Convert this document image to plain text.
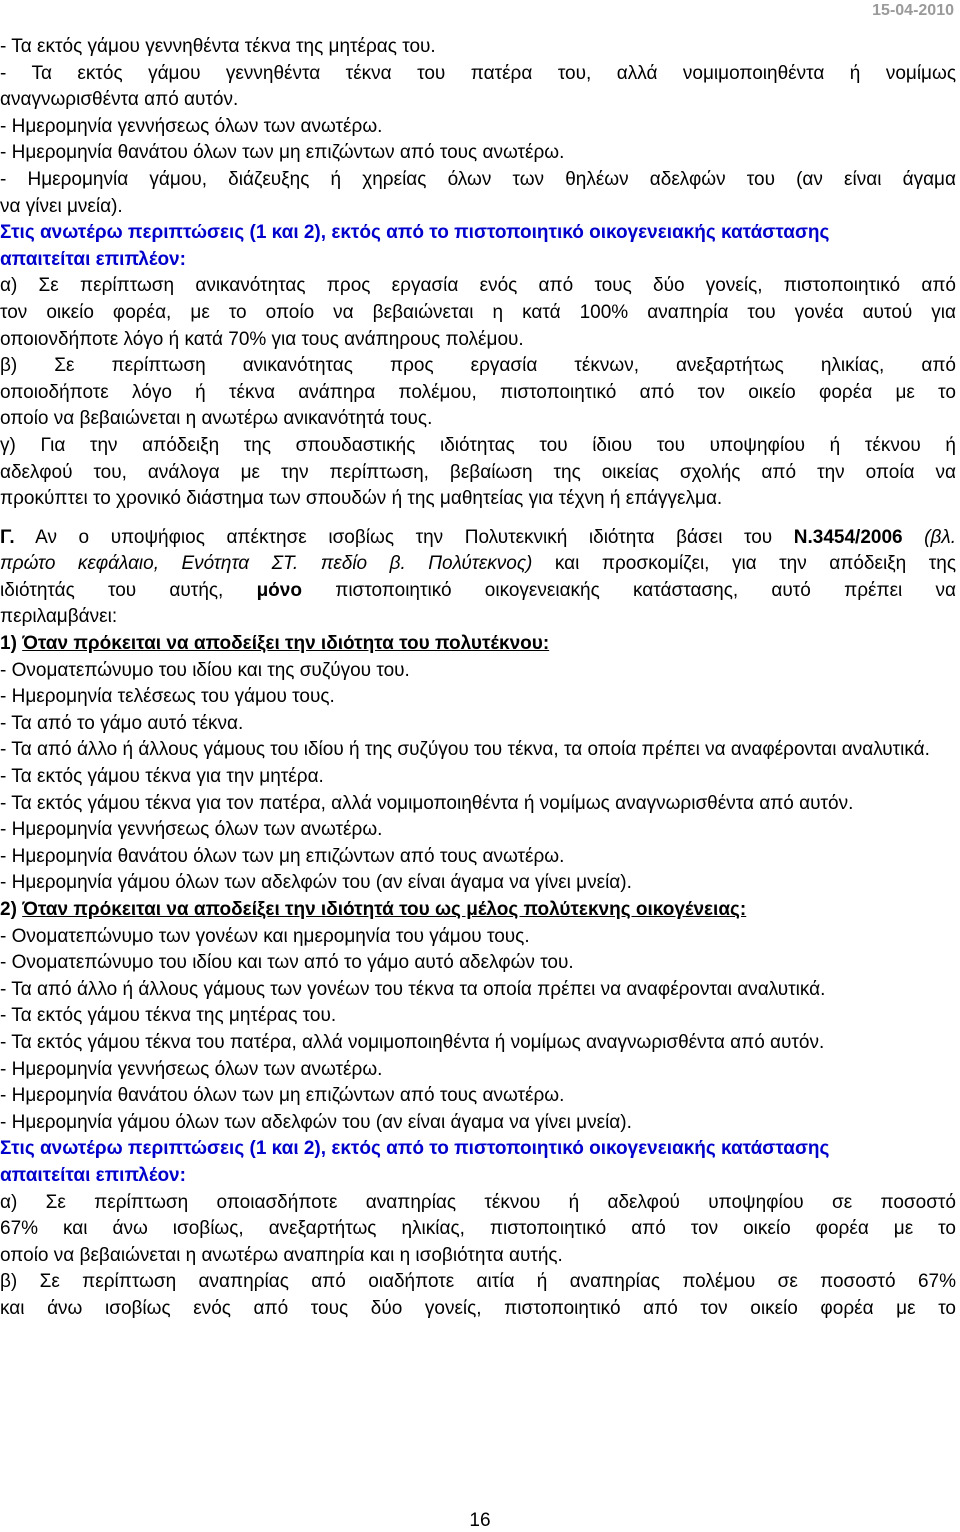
15-04-2010
- Τα εκτός γάμου γεννηθέντα τέκνα της μητέρας του.
- Τα εκτός γάμου γεννηθέντα τέκνα του πατέρα του, αλλά νομιμοποιηθέντα ή νομίμως
αναγνωρισθέντα από αυτόν.
- Ημερομηνία γεννήσεως όλων των ανωτέρω.
- Ημερομηνία θανάτου όλων των μη επιζώντων από τους ανωτέρω.
- Ημερομηνία γάμου, διάζευξης ή χηρείας όλων των θηλέων αδελφών του (αν είναι άγαμα
να γίνει μνεία).
Στις ανωτέρω περιπτώσεις (1 και 2), εκτός από το πιστοποιητικό οικογενειακής κατάστασης
απαιτείται επιπλέον:
α) Σε περίπτωση ανικανότητας προς εργασία ενός από τους δύο γονείς, πιστοποιητικό από
τον οικείο φορέα, με το οποίο να βεβαιώνεται η κατά 100% αναπηρία του γονέα αυτού για
οποιονδήποτε λόγο ή κατά 70% για τους ανάπηρους πολέμου.
β) Σε περίπτωση ανικανότητας προς εργασία τέκνων, ανεξαρτήτως ηλικίας, από
οποιοδήποτε λόγο ή τέκνα ανάπηρα πολέμου, πιστοποιητικό από τον οικείο φορέα με το
οποίο να βεβαιώνεται η ανωτέρω ανικανότητά τους.
γ) Για την απόδειξη της σπουδαστικής ιδιότητας του ίδιου του υποψηφίου ή τέκνου ή
αδελφού του, ανάλογα με την περίπτωση, βεβαίωση της οικείας σχολής από την οποία να
προκύπτει το χρονικό διάστημα των σπουδών ή της μαθητείας για τέχνη ή επάγγελμα.
Γ. Αν ο υποψήφιος απέκτησε ισοβίως την Πολυτεκνική ιδιότητα βάσει του Ν.3454/2006 (βλ.
πρώτο κεφάλαιο, Ενότητα ΣΤ. πεδίο β. Πολύτεκνος) και προσκομίζει, για την απόδειξη της
ιδιότητάς του αυτής, μόνο πιστοποιητικό οικογενειακής κατάστασης, αυτό πρέπει να
περιλαμβάνει:
1) Όταν πρόκειται να αποδείξει την ιδιότητα του πολυτέκνου:
- Ονοματεπώνυμο του ιδίου και της συζύγου του.
- Ημερομηνία τελέσεως του γάμου τους.
- Τα από το γάμο αυτό τέκνα.
- Τα από άλλο ή άλλους γάμους του ιδίου ή της συζύγου του τέκνα, τα οποία πρέπει να αναφέρονται αναλυτικά.
- Τα εκτός γάμου τέκνα για την μητέρα.
- Τα εκτός γάμου τέκνα για τον πατέρα, αλλά νομιμοποιηθέντα ή νομίμως αναγνωρισθέντα από αυτόν.
- Ημερομηνία γεννήσεως όλων των ανωτέρω.
- Ημερομηνία θανάτου όλων των μη επιζώντων από τους ανωτέρω.
- Ημερομηνία γάμου όλων των αδελφών του (αν είναι άγαμα να γίνει μνεία).
2) Όταν πρόκειται να αποδείξει την ιδιότητά του ως μέλος πολύτεκνης οικογένειας:
- Ονοματεπώνυμο των γονέων και ημερομηνία του γάμου τους.
- Ονοματεπώνυμο του ιδίου και των από το γάμο αυτό αδελφών του.
- Τα από άλλο ή άλλους γάμους των γονέων του τέκνα τα οποία πρέπει να αναφέρονται αναλυτικά.
- Τα εκτός γάμου τέκνα της μητέρας του.
- Τα εκτός γάμου τέκνα του πατέρα, αλλά νομιμοποιηθέντα ή νομίμως αναγνωρισθέντα από αυτόν.
- Ημερομηνία γεννήσεως όλων των ανωτέρω.
- Ημερομηνία θανάτου όλων των μη επιζώντων από τους ανωτέρω.
- Ημερομηνία γάμου όλων των αδελφών του (αν είναι άγαμα να γίνει μνεία).
Στις ανωτέρω περιπτώσεις (1 και 2), εκτός από το πιστοποιητικό οικογενειακής κατάστασης
απαιτείται επιπλέον:
α) Σε περίπτωση οποιασδήποτε αναπηρίας τέκνου ή αδελφού υποψηφίου σε ποσοστό
67% και άνω ισοβίως, ανεξαρτήτως ηλικίας, πιστοποιητικό από τον οικείο φορέα με το
οποίο να βεβαιώνεται η ανωτέρω αναπηρία και η ισοβιότητα αυτής.
β) Σε περίπτωση αναπηρίας από οιαδήποτε αιτία ή αναπηρίας πολέμου σε ποσοστό 67%
και άνω ισοβίως ενός από τους δύο γονείς, πιστοποιητικό από τον οικείο φορέα με το
16
